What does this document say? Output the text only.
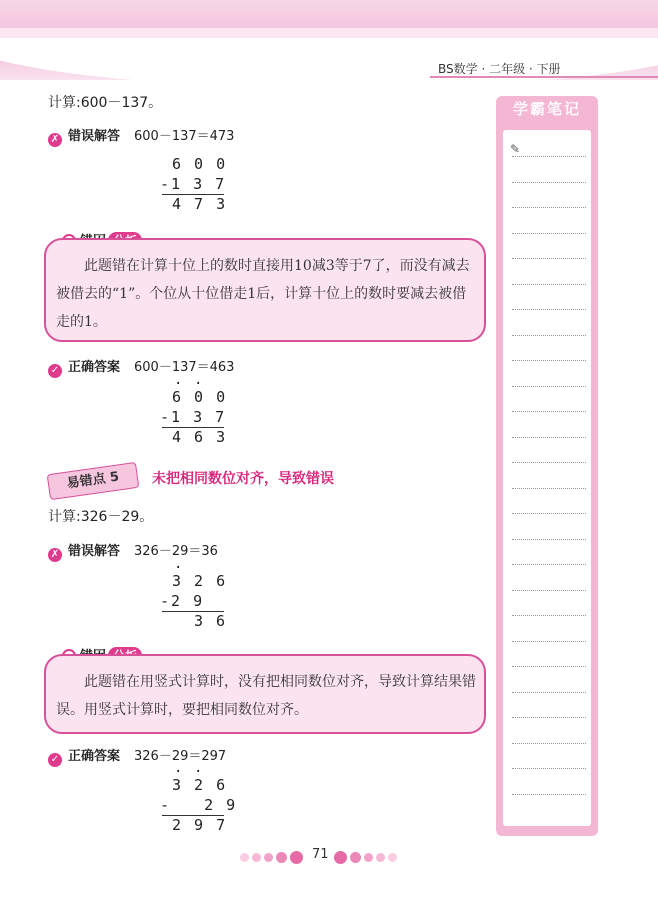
BS数学 · 二年级 · 下册
学霸笔记
✎
计算:600－137。
✗ 错误解答 600－137＝473
6 0 0
-1 3 7
4 7 3
此题错在计算十位上的数时直接用10减3等于7了，而没有减去被借去的“1”。个位从十位借走1后，计算十位上的数时要减去被借走的1。
✓ 正确答案 600－137＝463
· ·
6 0 0
-1 3 7
4 6 3
易错点 5	未把相同数位对齐，导致错误
计算:326－29。
✗ 错误解答 326－29＝36
·
3 2 6
-2 9
3 6
此题错在用竖式计算时，没有把相同数位对齐，导致计算结果错误。用竖式计算时，要把相同数位对齐。
✓ 正确答案 326－29＝297
· ·
3 2 6
-   2 9
2 9 7
71
